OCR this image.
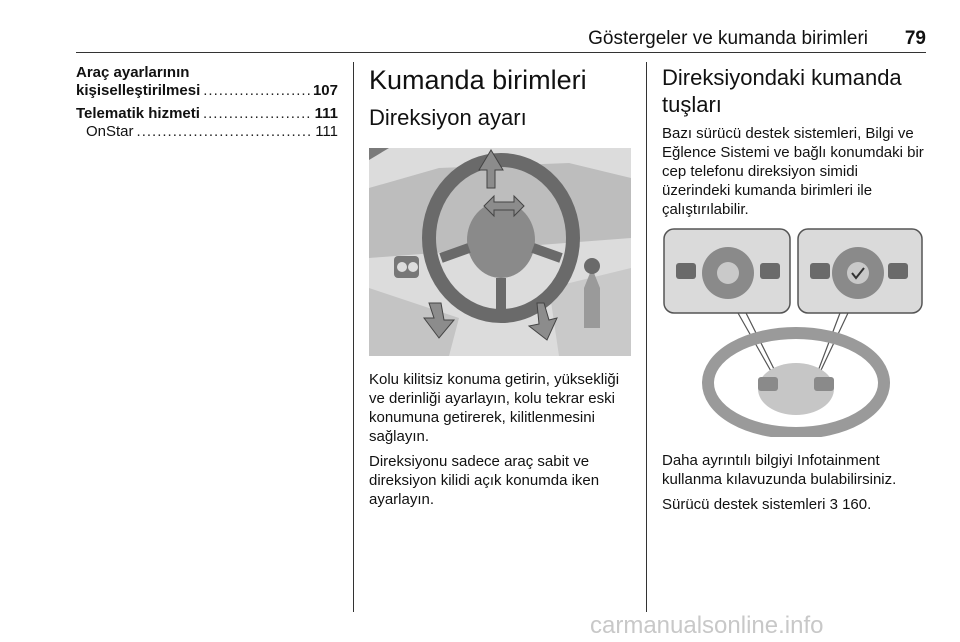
Göstergeler ve kumanda birimleri 79
Araç ayarlarının
kişiselleştirilmesi .....	107
Telematik hizmeti .....	111
OnStar .....	111
Kumanda birimleri
Direksiyon ayarı

Kolu kilitsiz konuma getirin, yüksekliği ve derinliği ayarlayın, kolu tekrar eski konumuna getirerek, kilitlenmesini sağlayın.

Direksiyonu sadece araç sabit ve direksiyon kilidi açık konumda iken ayarlayın.

Direksiyondaki kumanda tuşları

Bazı sürücü destek sistemleri, Bilgi ve Eğlence Sistemi ve bağlı konumdaki bir cep telefonu direksiyon simidi üzerindeki kumanda birimleri ile çalıştırılabilir.

Daha ayrıntılı bilgiyi Infotainment kullanma kılavuzunda bulabilirsiniz.

Sürücü destek sistemleri 3 160.

carmanualsonline.info
